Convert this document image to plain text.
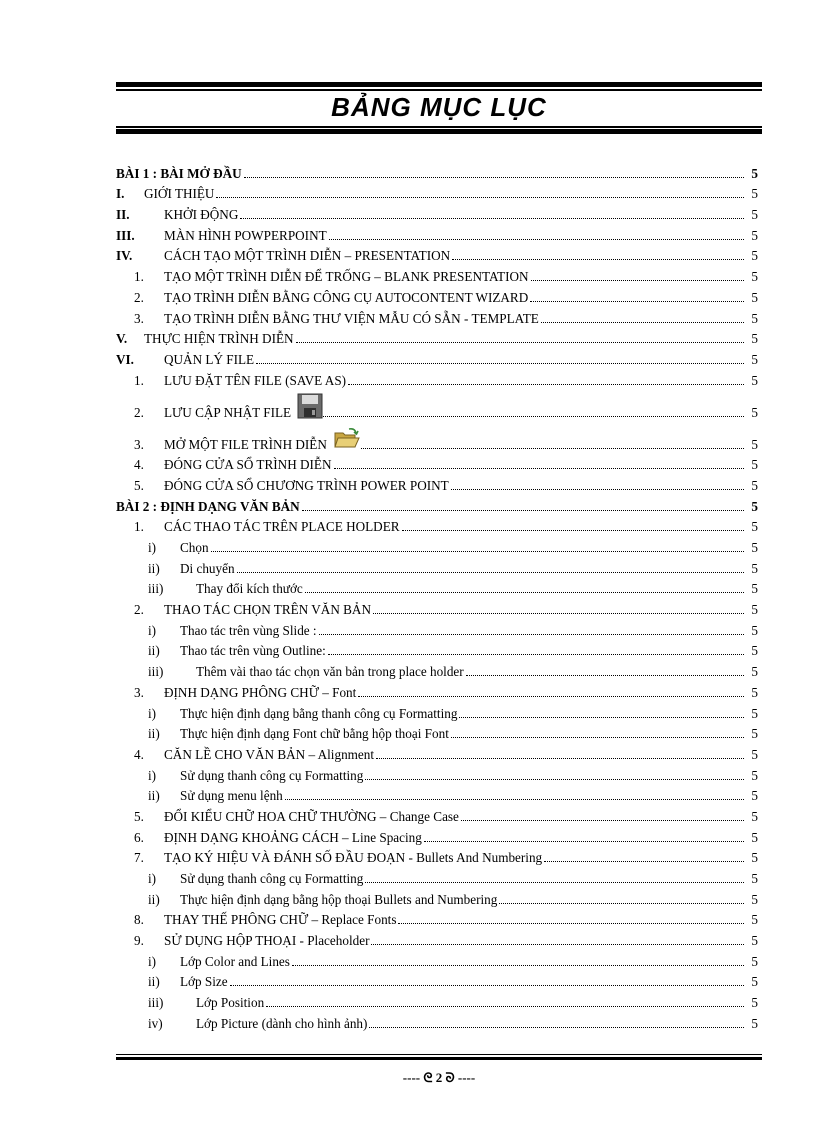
BẢNG MỤC LỤC
BÀI 1 : BÀI MỞ ĐẦU	5
I. GIỚI THIỆU	5
II.	KHỞI ĐỘNG	5
III. MÀN HÌNH POWPERPOINT	5
IV. CÁCH TẠO MỘT TRÌNH DIỄN – PRESENTATION	5
1. TẠO MỘT TRÌNH DIỄN ĐỂ TRỐNG – BLANK PRESENTATION	5
2. TẠO TRÌNH DIỄN BẰNG CÔNG CỤ AUTOCONTENT WIZARD	5
3. TẠO TRÌNH DIỄN BẰNG THƯ VIỆN MẪU CÓ SẴN - TEMPLATE	5
V. THỰC HIỆN TRÌNH DIỄN	5
VI. QUẢN LÝ FILE	5
1. LƯU ĐẶT TÊN FILE (SAVE AS)	5
2. LƯU CẬP NHẬT FILE	5
3. MỞ MỘT FILE TRÌNH DIỄN	5
4. ĐÓNG CỬA SỔ TRÌNH DIỄN	5
5. ĐÓNG CỬA SỔ CHƯƠNG TRÌNH POWER POINT	5
BÀI 2 : ĐỊNH DẠNG VĂN BẢN	5
1. CÁC THAO TÁC TRÊN PLACE HOLDER	5
i) Chọn	5
ii) Di chuyển	5
iii) Thay đổi kích thước	5
2. THAO TÁC CHỌN TRÊN VĂN BẢN	5
i) Thao tác trên vùng Slide :	5
ii) Thao tác trên vùng Outline:	5
iii) Thêm vài thao tác chọn văn bản trong place holder	5
3. ĐỊNH DẠNG PHÔNG CHỮ – Font	5
i) Thực hiện định dạng bằng thanh công cụ Formatting	5
ii) Thực hiện định dạng Font chữ bằng hộp thoại Font	5
4. CĂN LỀ CHO VĂN BẢN – Alignment	5
i) Sử dụng thanh công cụ Formatting	5
ii) Sử dụng menu lệnh	5
5. ĐỔI KIỂU CHỮ HOA CHỮ THƯỜNG – Change Case	5
6. ĐỊNH DẠNG KHOẢNG CÁCH – Line Spacing	5
7. TẠO KÝ HIỆU VÀ ĐÁNH SỐ ĐẦU ĐOẠN - Bullets And Numbering	5
i) Sử dụng thanh công cụ Formatting	5
ii) Thực hiện định dạng bằng hộp thoại Bullets and Numbering	5
8. THAY THẾ PHÔNG CHỮ – Replace Fonts	5
9. SỬ DỤNG HỘP THOẠI - Placeholder	5
i) Lớp Color and Lines	5
ii) Lớp Size	5
iii) Lớp Position	5
iv)	Lớp Picture (dành cho hình ảnh)	5
---- ᘓ 2 ᘐ ----
